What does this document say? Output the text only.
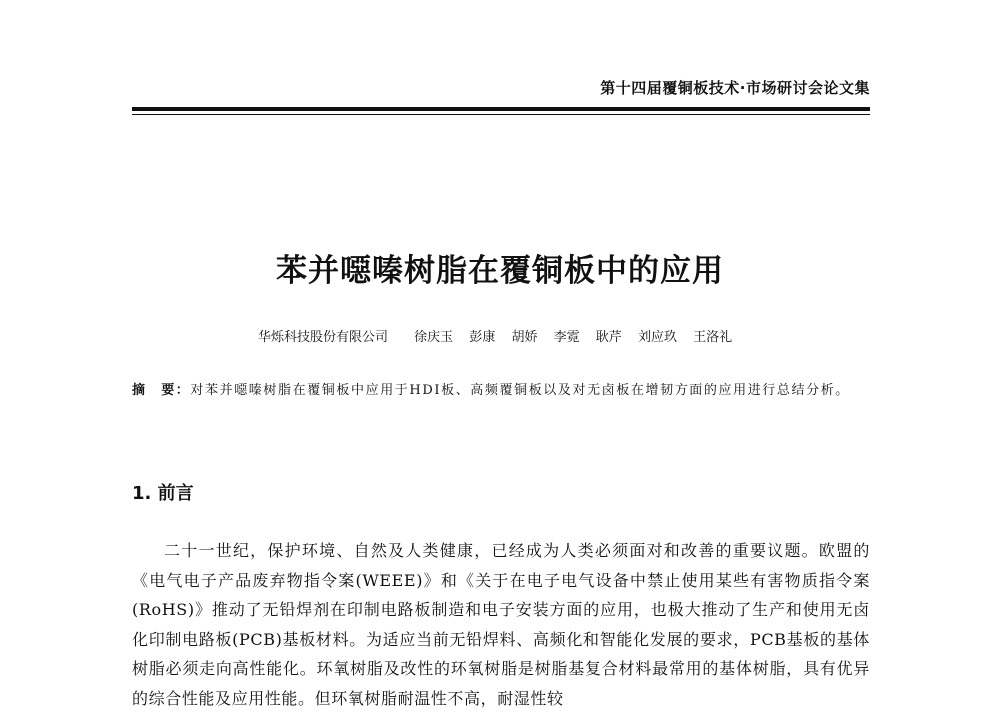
第十四届覆铜板技术·市场研讨会论文集
苯并噁嗪树脂在覆铜板中的应用
华烁科技股份有限公司 徐庆玉 彭康 胡娇 李霓 耿芹 刘应玖 王洛礼
摘　要：对苯并噁嗪树脂在覆铜板中应用于HDI板、高频覆铜板以及对无卤板在增韧方面的应用进行总结分析。
1. 前言

二十一世纪，保护环境、自然及人类健康，已经成为人类必须面对和改善的重要议题。欧盟的《电气电子产品废弃物指令案(WEEE)》和《关于在电子电气设备中禁止使用某些有害物质指令案(RoHS)》推动了无铅焊剂在印制电路板制造和电子安装方面的应用，也极大推动了生产和使用无卤化印制电路板(PCB)基板材料。为适应当前无铅焊料、高频化和智能化发展的要求，PCB基板的基体树脂必须走向高性能化。环氧树脂及改性的环氧树脂是树脂基复合材料最常用的基体树脂，具有优异的综合性能及应用性能。但环氧树脂耐温性不高，耐湿性较
